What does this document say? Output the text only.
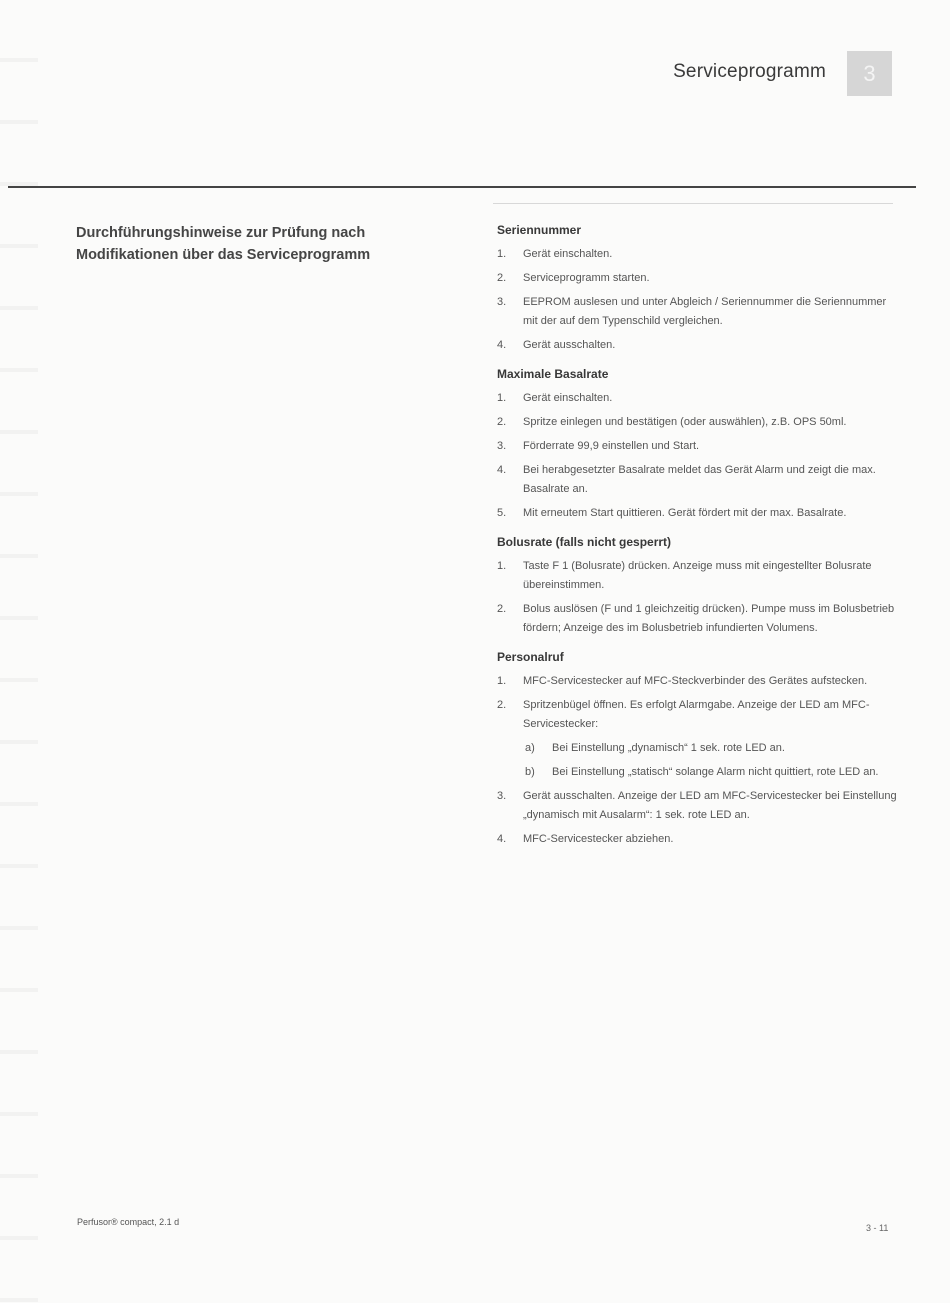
Serviceprogramm	3
Durchführungshinweise zur Prüfung nach Modifikationen über das Serviceprogramm
Seriennummer
1.	Gerät einschalten.
2.	Serviceprogramm starten.
3.	EEPROM auslesen und unter Abgleich / Seriennummer die Seriennummer mit der auf dem Typenschild vergleichen.
4.	Gerät ausschalten.
Maximale Basalrate
1.	Gerät einschalten.
2.	Spritze einlegen und bestätigen (oder auswählen), z.B. OPS 50ml.
3.	Förderrate 99,9 einstellen und Start.
4.	Bei herabgesetzter Basalrate meldet das Gerät Alarm und zeigt die max. Basalrate an.
5.	Mit erneutem Start quittieren. Gerät fördert mit der max. Basalrate.
Bolusrate (falls nicht gesperrt)
1.	Taste F 1 (Bolusrate) drücken. Anzeige muss mit eingestellter Bolusrate übereinstimmen.
2.	Bolus auslösen (F und 1 gleichzeitig drücken). Pumpe muss im Bolusbetrieb fördern; Anzeige des im Bolusbetrieb infundierten Volumens.
Personalruf
1.	MFC-Servicestecker auf MFC-Steckverbinder des Gerätes aufstecken.
2.	Spritzenbügel öffnen. Es erfolgt Alarmgabe. Anzeige der LED am MFC-Servicestecker:
a)	Bei Einstellung „dynamisch“ 1 sek. rote LED an.
b)	Bei Einstellung „statisch“ solange Alarm nicht quittiert, rote LED an.
3.	Gerät ausschalten. Anzeige der LED am MFC-Servicestecker bei Einstellung „dynamisch mit Ausalarm“: 1 sek. rote LED an.
4.	MFC-Servicestecker abziehen.
Perfusor® compact, 2.1 d
3 - 11
